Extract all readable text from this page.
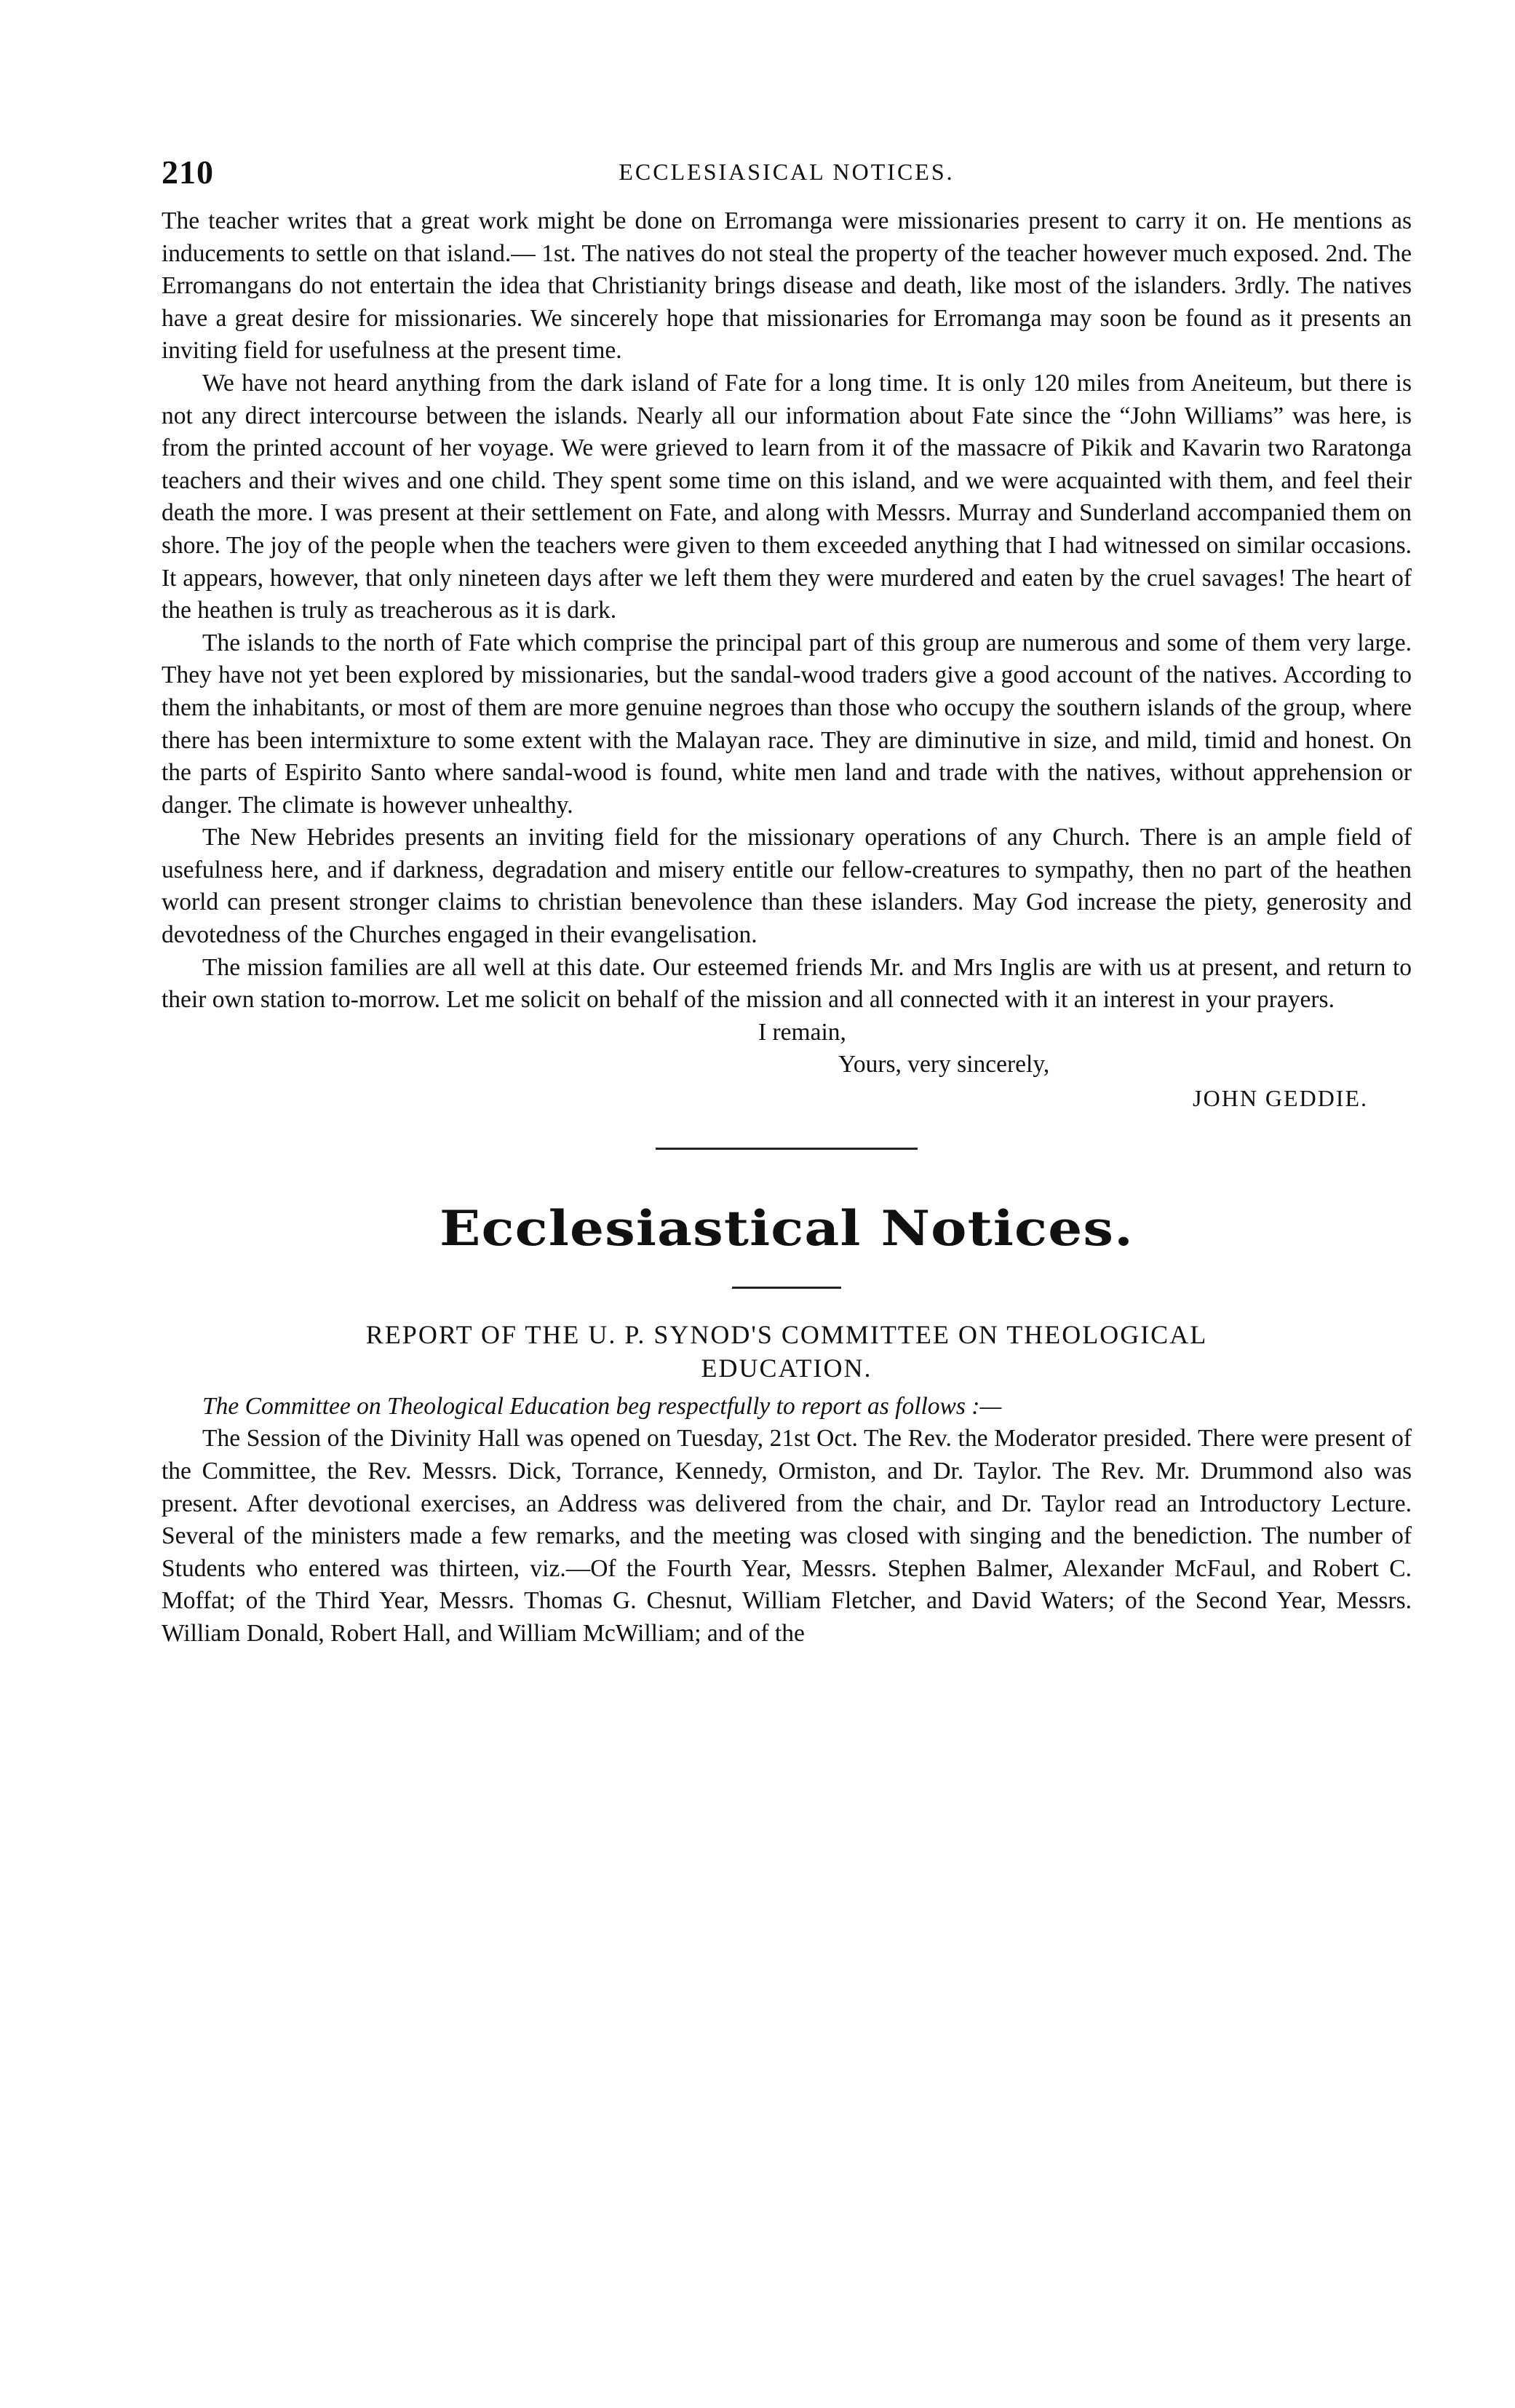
210	ECCLESIASICAL NOTICES.

The teacher writes that a great work might be done on Erromanga were missionaries present to carry it on. He mentions as inducements to settle on that island.— 1st. The natives do not steal the property of the teacher however much exposed. 2nd. The Erromangans do not entertain the idea that Christianity brings disease and death, like most of the islanders. 3rdly. The natives have a great desire for missionaries. We sincerely hope that missionaries for Erromanga may soon be found as it presents an inviting field for usefulness at the present time.

We have not heard anything from the dark island of Fate for a long time. It is only 120 miles from Aneiteum, but there is not any direct intercourse between the islands. Nearly all our information about Fate since the “John Williams” was here, is from the printed account of her voyage. We were grieved to learn from it of the massacre of Pikik and Kavarin two Raratonga teachers and their wives and one child. They spent some time on this island, and we were acquainted with them, and feel their death the more. I was present at their settlement on Fate, and along with Messrs. Murray and Sunderland accompanied them on shore. The joy of the people when the teachers were given to them exceeded anything that I had witnessed on similar occasions. It appears, however, that only nineteen days after we left them they were murdered and eaten by the cruel savages! The heart of the heathen is truly as treacherous as it is dark.

The islands to the north of Fate which comprise the principal part of this group are numerous and some of them very large. They have not yet been explored by missionaries, but the sandal-wood traders give a good account of the natives. According to them the inhabitants, or most of them are more genuine negroes than those who occupy the southern islands of the group, where there has been intermixture to some extent with the Malayan race. They are diminutive in size, and mild, timid and honest. On the parts of Espirito Santo where sandal-wood is found, white men land and trade with the natives, without apprehension or danger. The climate is however unhealthy.

The New Hebrides presents an inviting field for the missionary operations of any Church. There is an ample field of usefulness here, and if darkness, degradation and misery entitle our fellow-creatures to sympathy, then no part of the heathen world can present stronger claims to christian benevolence than these islanders. May God increase the piety, generosity and devotedness of the Churches engaged in their evangelisation.

The mission families are all well at this date. Our esteemed friends Mr. and Mrs Inglis are with us at present, and return to their own station to-morrow. Let me solicit on behalf of the mission and all connected with it an interest in your prayers.

I remain,
Yours, very sincerely,
JOHN GEDDIE.
Ecclesiastical Notices.
REPORT OF THE U. P. SYNOD'S COMMITTEE ON THEOLOGICAL
EDUCATION.

The Committee on Theological Education beg respectfully to report as follows :—

The Session of the Divinity Hall was opened on Tuesday, 21st Oct. The Rev. the Moderator presided. There were present of the Committee, the Rev. Messrs. Dick, Torrance, Kennedy, Ormiston, and Dr. Taylor. The Rev. Mr. Drummond also was present. After devotional exercises, an Address was delivered from the chair, and Dr. Taylor read an Introductory Lecture. Several of the ministers made a few remarks, and the meeting was closed with singing and the benediction. The number of Students who entered was thirteen, viz.—Of the Fourth Year, Messrs. Stephen Balmer, Alexander McFaul, and Robert C. Moffat; of the Third Year, Messrs. Thomas G. Chesnut, William Fletcher, and David Waters; of the Second Year, Messrs. William Donald, Robert Hall, and William McWilliam; and of the
